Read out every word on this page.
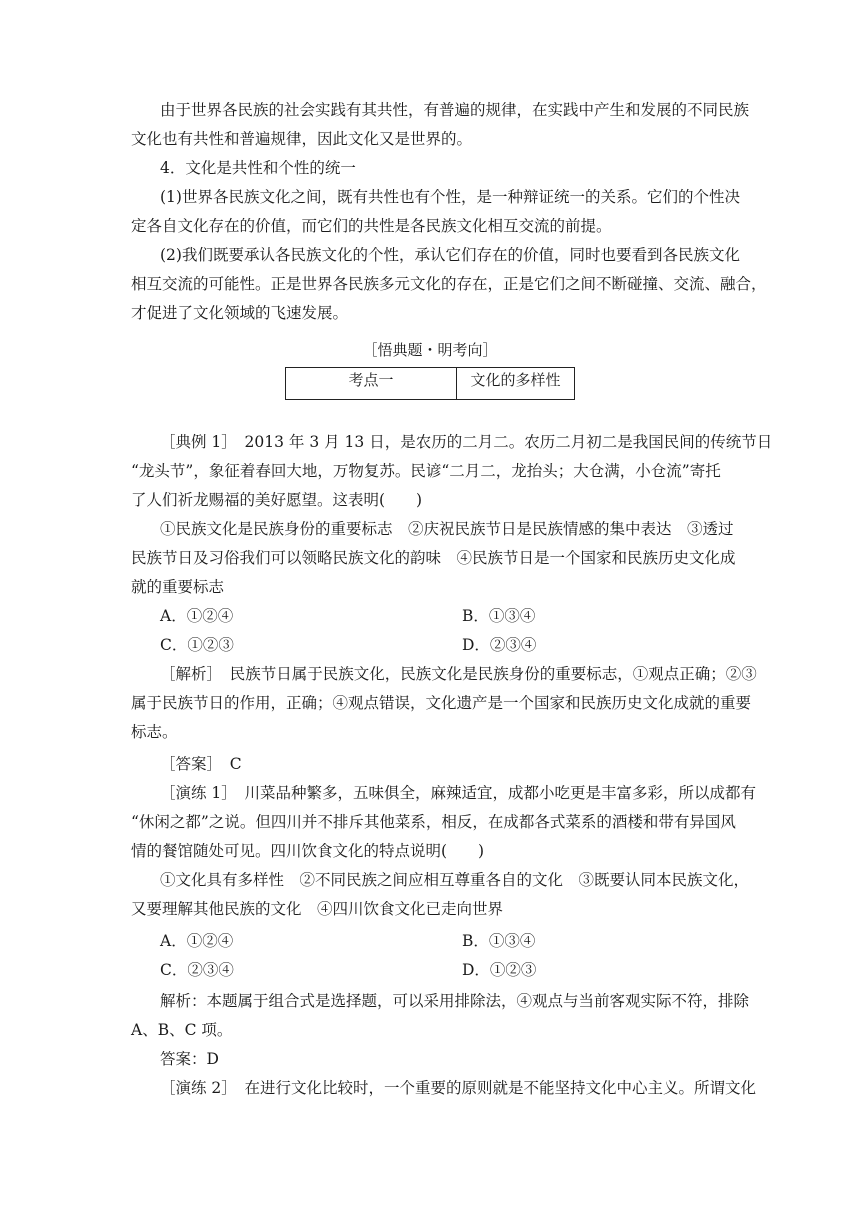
由于世界各民族的社会实践有其共性，有普遍的规律，在实践中产生和发展的不同民族
文化也有共性和普遍规律，因此文化又是世界的。
4．文化是共性和个性的统一
(1)世界各民族文化之间，既有共性也有个性，是一种辩证统一的关系。它们的个性决
定各自文化存在的价值，而它们的共性是各民族文化相互交流的前提。
(2)我们既要承认各民族文化的个性，承认它们存在的价值，同时也要看到各民族文化
相互交流的可能性。正是世界各民族多元文化的存在，正是它们之间不断碰撞、交流、融合，
才促进了文化领域的飞速发展。
［悟典题・明考向］
考点一	文化的多样性
［典例 1］　2013 年 3 月 13 日，是农历的二月二。农历二月初二是我国民间的传统节日
“龙头节”，象征着春回大地，万物复苏。民谚“二月二，龙抬头；大仓满，小仓流”寄托
了人们祈龙赐福的美好愿望。这表明(　　)
①民族文化是民族身份的重要标志　②庆祝民族节日是民族情感的集中表达　③透过
民族节日及习俗我们可以领略民族文化的韵味　④民族节日是一个国家和民族历史文化成
就的重要标志
A．①②④	B．①③④
C．①②③	D．②③④
［解析］　民族节日属于民族文化，民族文化是民族身份的重要标志，①观点正确；②③
属于民族节日的作用，正确；④观点错误，文化遗产是一个国家和民族历史文化成就的重要
标志。
［答案］　C
［演练 1］　川菜品种繁多，五味俱全，麻辣适宜，成都小吃更是丰富多彩，所以成都有
“休闲之都”之说。但四川并不排斥其他菜系，相反，在成都各式菜系的酒楼和带有异国风
情的餐馆随处可见。四川饮食文化的特点说明(　　)
①文化具有多样性　②不同民族之间应相互尊重各自的文化　③既要认同本民族文化，
又要理解其他民族的文化　④四川饮食文化已走向世界
A．①②④	B．①③④
C．②③④	D．①②③
解析：本题属于组合式是选择题，可以采用排除法，④观点与当前客观实际不符，排除
A、B、C 项。
答案：D
［演练 2］　在进行文化比较时，一个重要的原则就是不能坚持文化中心主义。所谓文化
